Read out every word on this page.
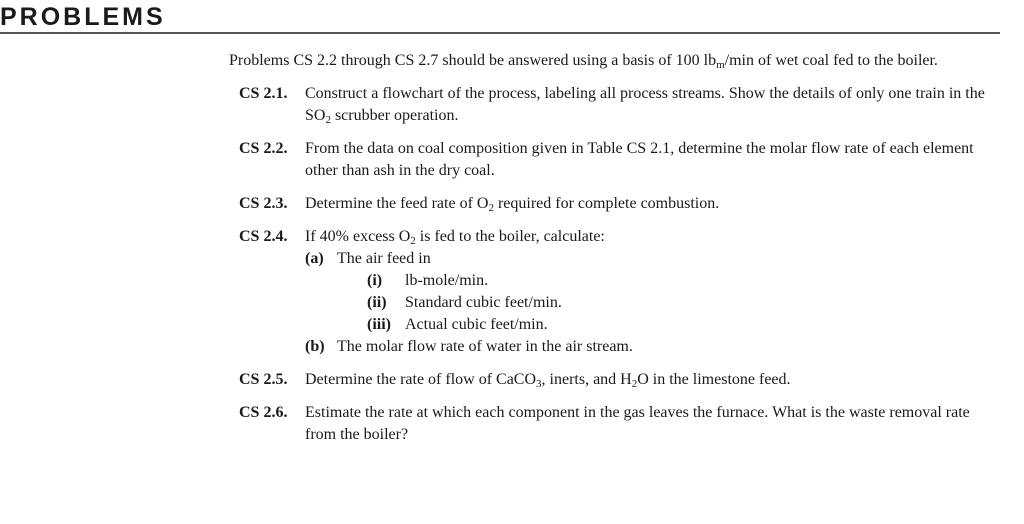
PROBLEMS

Problems CS 2.2 through CS 2.7 should be answered using a basis of 100 $lb_m/\min$ of wet coal fed to the boiler.

CS 2.1. Construct a flowchart of the process, labeling all process streams. Show the details of only one train in the $SO_2$ scrubber operation.
CS 2.2. From the data on coal composition given in Table CS 2.1, determine the molar flow rate of each element other than ash in the dry coal.
CS 2.3. Determine the feed rate of $O_2$ required for complete combustion.
CS 2.4. If 40% excess $O_2$ is fed to the boiler, calculate:
(a) The air feed in
(i)	lb-mole/min.
(ii)	Standard cubic feet/min.
(iii) Actual cubic feet/min.
(b) The molar flow rate of water in the air stream.
CS 2.5. Determine the rate of flow of CaCO$_3$, inerts, and $H_2O$ in the limestone feed.
CS 2.6. Estimate the rate at which each component in the gas leaves the furnace. What is the waste removal rate from the boiler?
